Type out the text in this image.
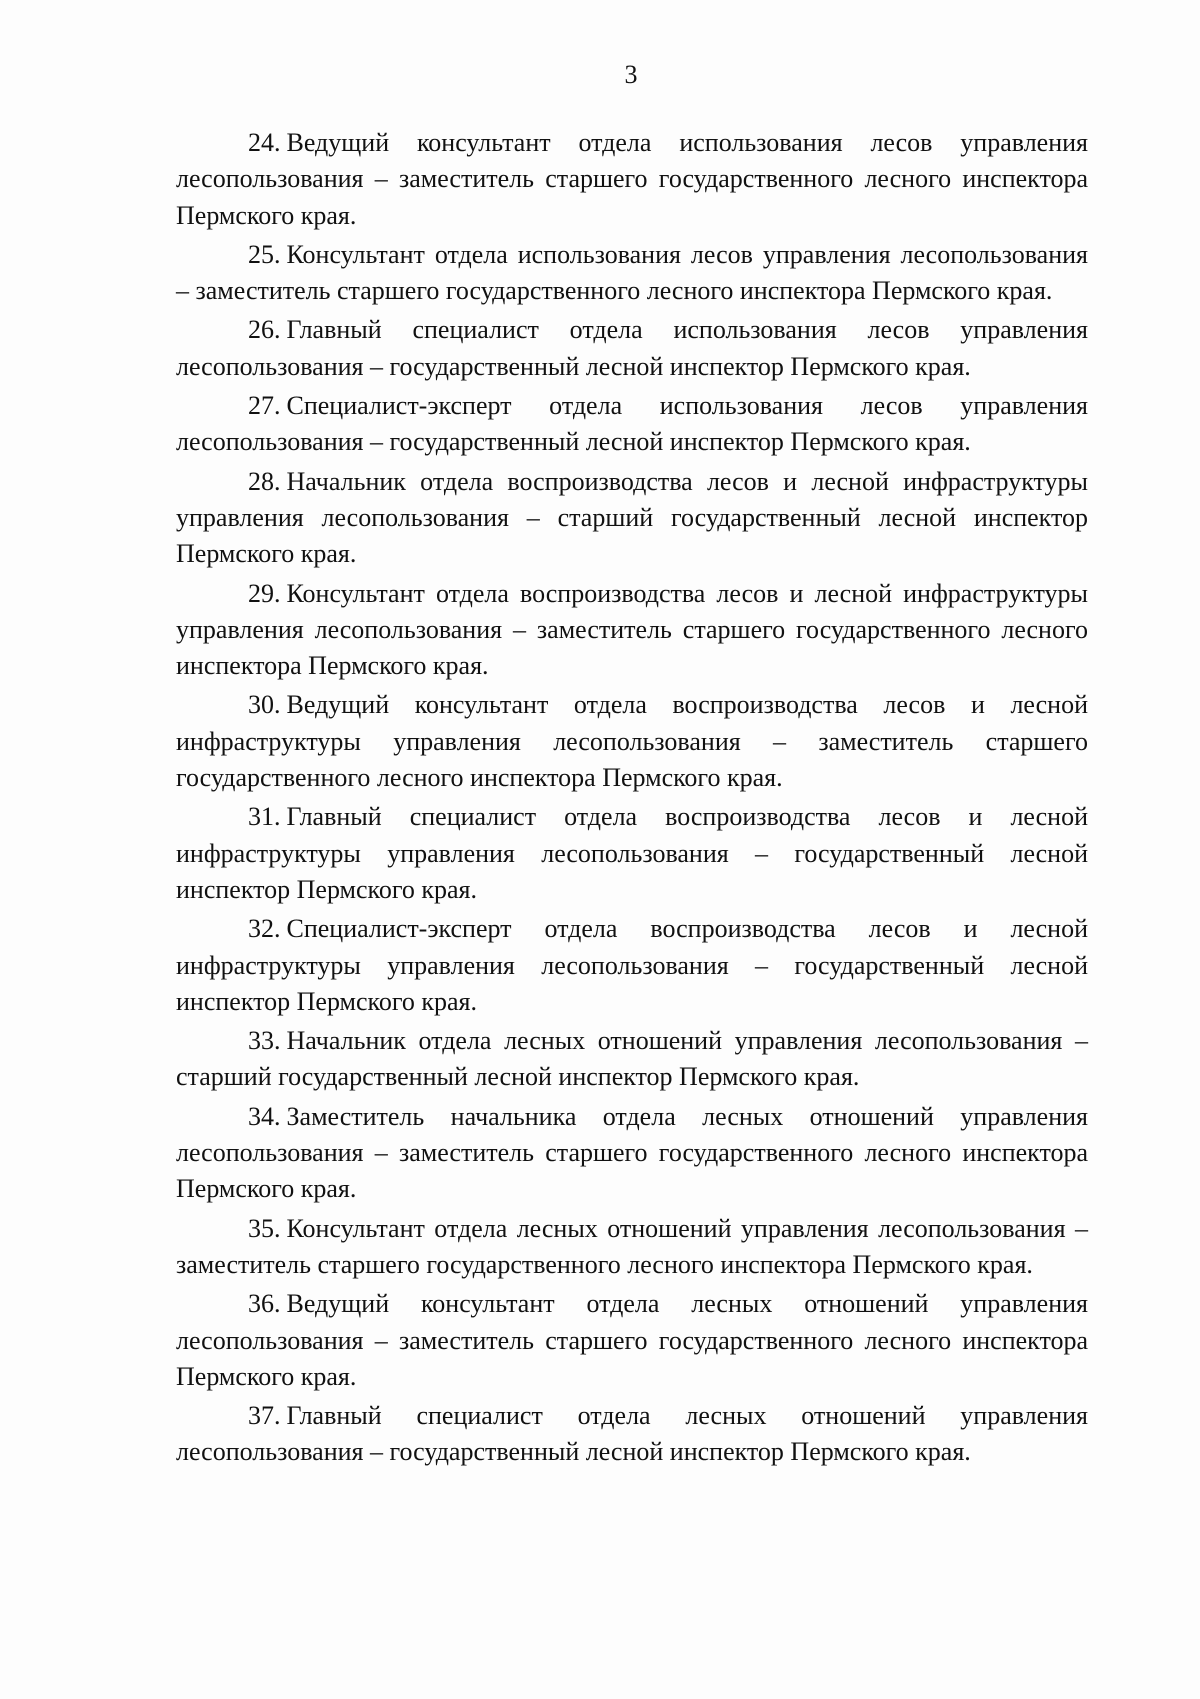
3

24. Ведущий консультант отдела использования лесов управления лесопользования – заместитель старшего государственного лесного инспектора Пермского края.

25. Консультант отдела использования лесов управления лесопользования – заместитель старшего государственного лесного инспектора Пермского края.

26. Главный специалист отдела использования лесов управления лесопользования – государственный лесной инспектор Пермского края.

27. Специалист-эксперт отдела использования лесов управления лесопользования – государственный лесной инспектор Пермского края.

28. Начальник отдела воспроизводства лесов и лесной инфраструктуры управления лесопользования – старший государственный лесной инспектор Пермского края.

29. Консультант отдела воспроизводства лесов и лесной инфраструктуры управления лесопользования – заместитель старшего государственного лесного инспектора Пермского края.

30. Ведущий консультант отдела воспроизводства лесов и лесной инфраструктуры управления лесопользования – заместитель старшего государственного лесного инспектора Пермского края.

31. Главный специалист отдела воспроизводства лесов и лесной инфраструктуры управления лесопользования – государственный лесной инспектор Пермского края.

32. Специалист-эксперт отдела воспроизводства лесов и лесной инфраструктуры управления лесопользования – государственный лесной инспектор Пермского края.

33. Начальник отдела лесных отношений управления лесопользования – старший государственный лесной инспектор Пермского края.

34. Заместитель начальника отдела лесных отношений управления лесопользования – заместитель старшего государственного лесного инспектора Пермского края.

35. Консультант отдела лесных отношений управления лесопользования – заместитель старшего государственного лесного инспектора Пермского края.

36. Ведущий консультант отдела лесных отношений управления лесопользования – заместитель старшего государственного лесного инспектора Пермского края.

37. Главный специалист отдела лесных отношений управления лесопользования – государственный лесной инспектор Пермского края.
